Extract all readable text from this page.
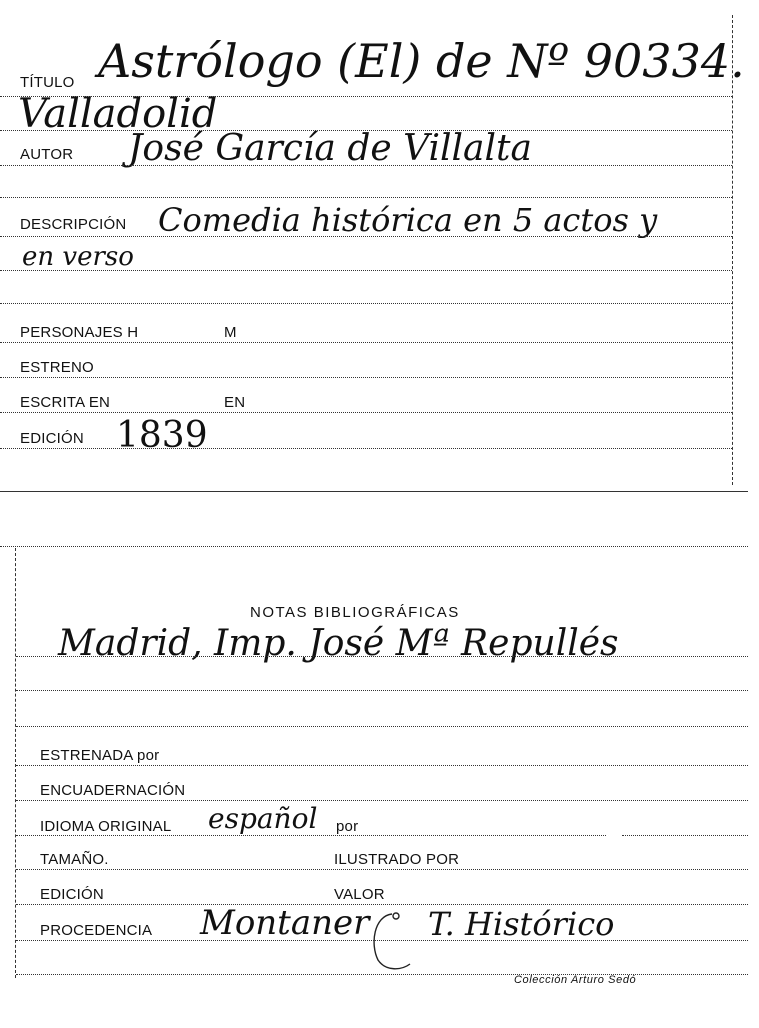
TÍTULO Astrólogo (El) de Nº 90334.
Valladolid
AUTOR José García de Villalta
DESCRIPCIÓN Comedia histórica en 5 actos y
en verso
PERSONAJES H	M
ESTRENO
ESCRITA EN	EN
EDICIÓN 1839
NOTAS BIBLIOGRÁFICAS
Madrid, Imp. José Mª Repullés
ESTRENADA por
ENCUADERNACIÓN
IDIOMA ORIGINAL español por
TAMAÑO.	ILUSTRADO POR
EDICIÓN	VALOR
PROCEDENCIA Montaner T. Histórico
Colección Arturo Sedó
